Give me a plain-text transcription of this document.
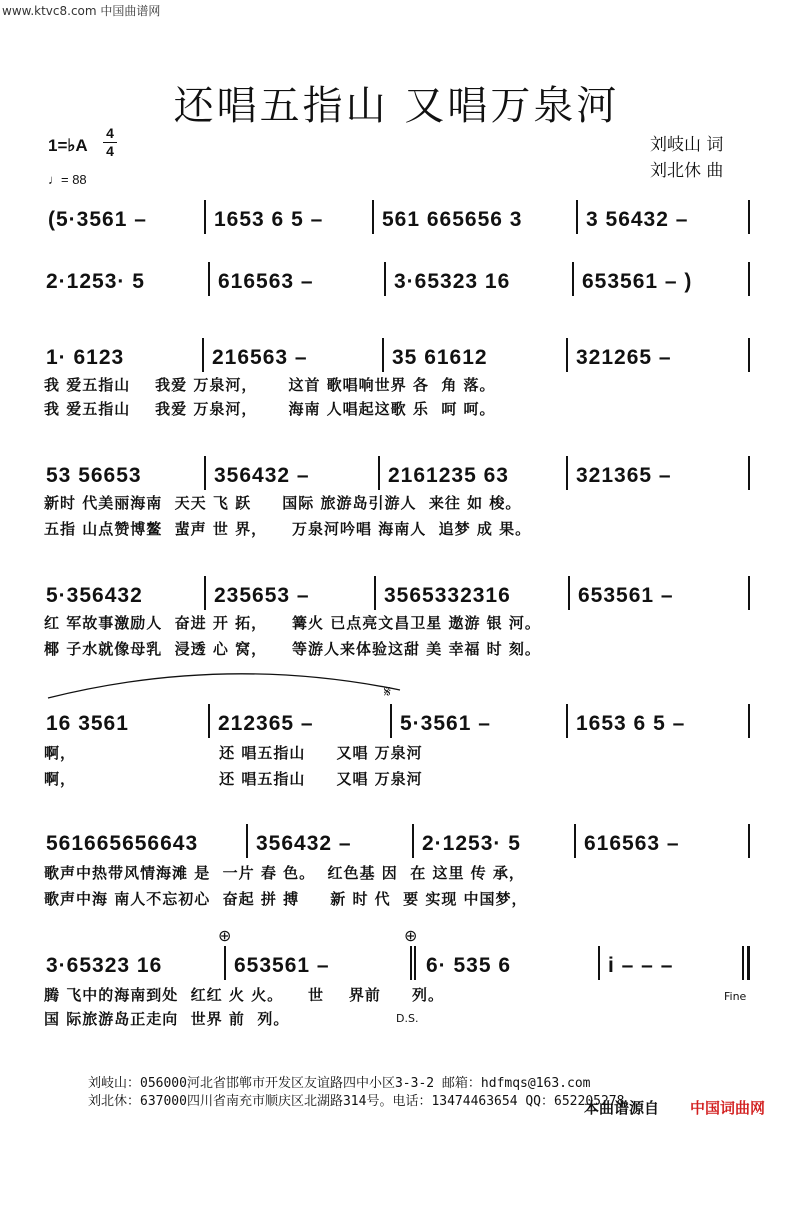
www.ktvc8.com 中国曲谱网
还唱五指山 又唱万泉河
1=♭A
4
4
♩= 88
刘岐山 词
刘北休 曲

(5·3561 –

	1653 6 5 –

	561 665656 3

	3 56432 –

2·1253· 5

	616563 –

	3·65323 16

	653561 – )

1· 6123

	216563 –

	35 61612

	321265 –

我 爱五指山    我爱 万泉河，     这首 歌唱响世界 各  角 落。
我 爱五指山    我爱 万泉河，     海南 人唱起这歌 乐  呵 呵。

53 56653

	356432 –

	2161235 63

	321365 –

新时 代美丽海南  天天 飞 跃     国际 旅游岛引游人  来往 如 梭。
五指 山点赞博鳌  蜚声 世 界，    万泉河吟唱 海南人  追梦 成 果。

5·356432

	235653 –

	3565332316

	653561 –

红 军故事激励人  奋进 开 拓，    篝火 已点亮文昌卫星 遨游 银 河。
椰 子水就像母乳  浸透 心 窝，    等游人来体验这甜 美 幸福 时 刻。
𝄋

16 3561

	212365 –

	5·3561 –

	1653 6 5 –

啊，                       还 唱五指山     又唱 万泉河
啊，                       还 唱五指山     又唱 万泉河

561665656643

	356432 –

	2·1253· 5

	616563 –

歌声中热带风情海滩 是  一片 春 色。  红色基 因  在 这里 传 承，
歌声中海 南人不忘初心  奋起 拼 搏     新 时 代  要 实现 中国梦，
⊕	⊕

3·65323 16

	653561 –

	6· 535 6

	i – – –

腾 飞中的海南到处  红红 火 火。    世    界前     列。
国 际旅游岛正走向  世界 前  列。
Fine
D.S.
刘岐山：056000河北省邯郸市开发区友谊路四中小区3-3-2 邮箱：hdfmqs@163.com
刘北休：637000四川省南充市顺庆区北湖路314号。电话：13474463654 QQ：652205278
本曲谱源自 中国词曲网
